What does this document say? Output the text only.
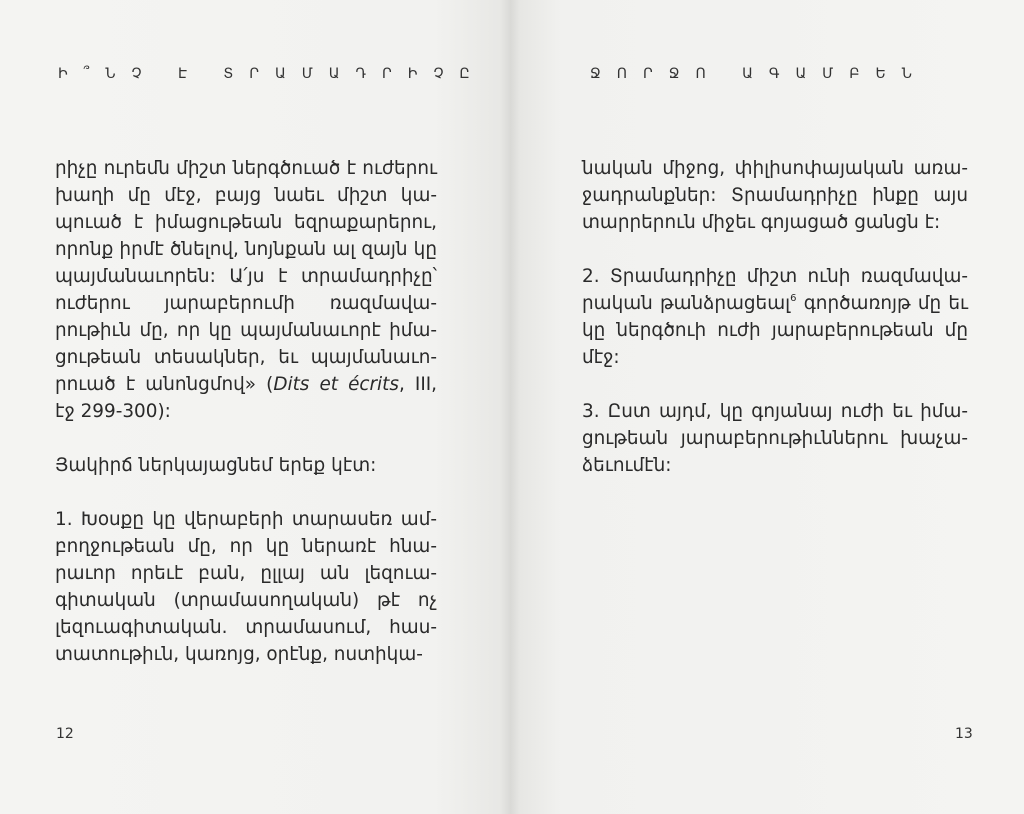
Ի՞ՆՉ Է ՏՐԱՄԱԴՐԻՉԸ

րիչը ուրեմն միշտ ներգծուած է ուժերու խաղի մը մէջ, բայց նաեւ միշտ կապուած է իմացութեան եզրաքարերու, որոնք իրմէ ծնելով, նոյնքան ալ զայն կը պայմանաւորեն: Ա՛յս է տրամադրիչը՝ ուժերու յարաբերումի ռազմավարութիւն մը, որ կը պայմանաւորէ իմացութեան տեսակներ, եւ պայմանաւորուած է անոնցմով» (Dits et écrits, III, էջ 299-300):

Յակիրճ ներկայացնեմ երեք կէտ:

1. Խօսքը կը վերաբերի տարասեռ ամբողջութեան մը, որ կը ներառէ հնարաւոր որեւէ բան, ըլլայ ան լեզուագիտական (տրամասողական) թէ ոչ լեզուագիտական. տրամասում, հաստատութիւն, կառոյց, օրէնք, ոստիկա-

12
ՋՈՐՋՈ ԱԳԱՄԲԵՆ

նական միջոց, փիլիսոփայական առաջադրանքներ: Տրամադրիչը ինքը այս տարրերուն միջեւ գոյացած ցանցն է:

2. Տրամադրիչը միշտ ունի ռազմավարական թանձրացեալ$^6$ գործառոյթ մը եւ կը ներգծուի ուժի յարաբերութեան մը մէջ:

3. Ըստ այդմ, կը գոյանայ ուժի եւ իմացութեան յարաբերութիւններու խաչաձեւումէն:

13
